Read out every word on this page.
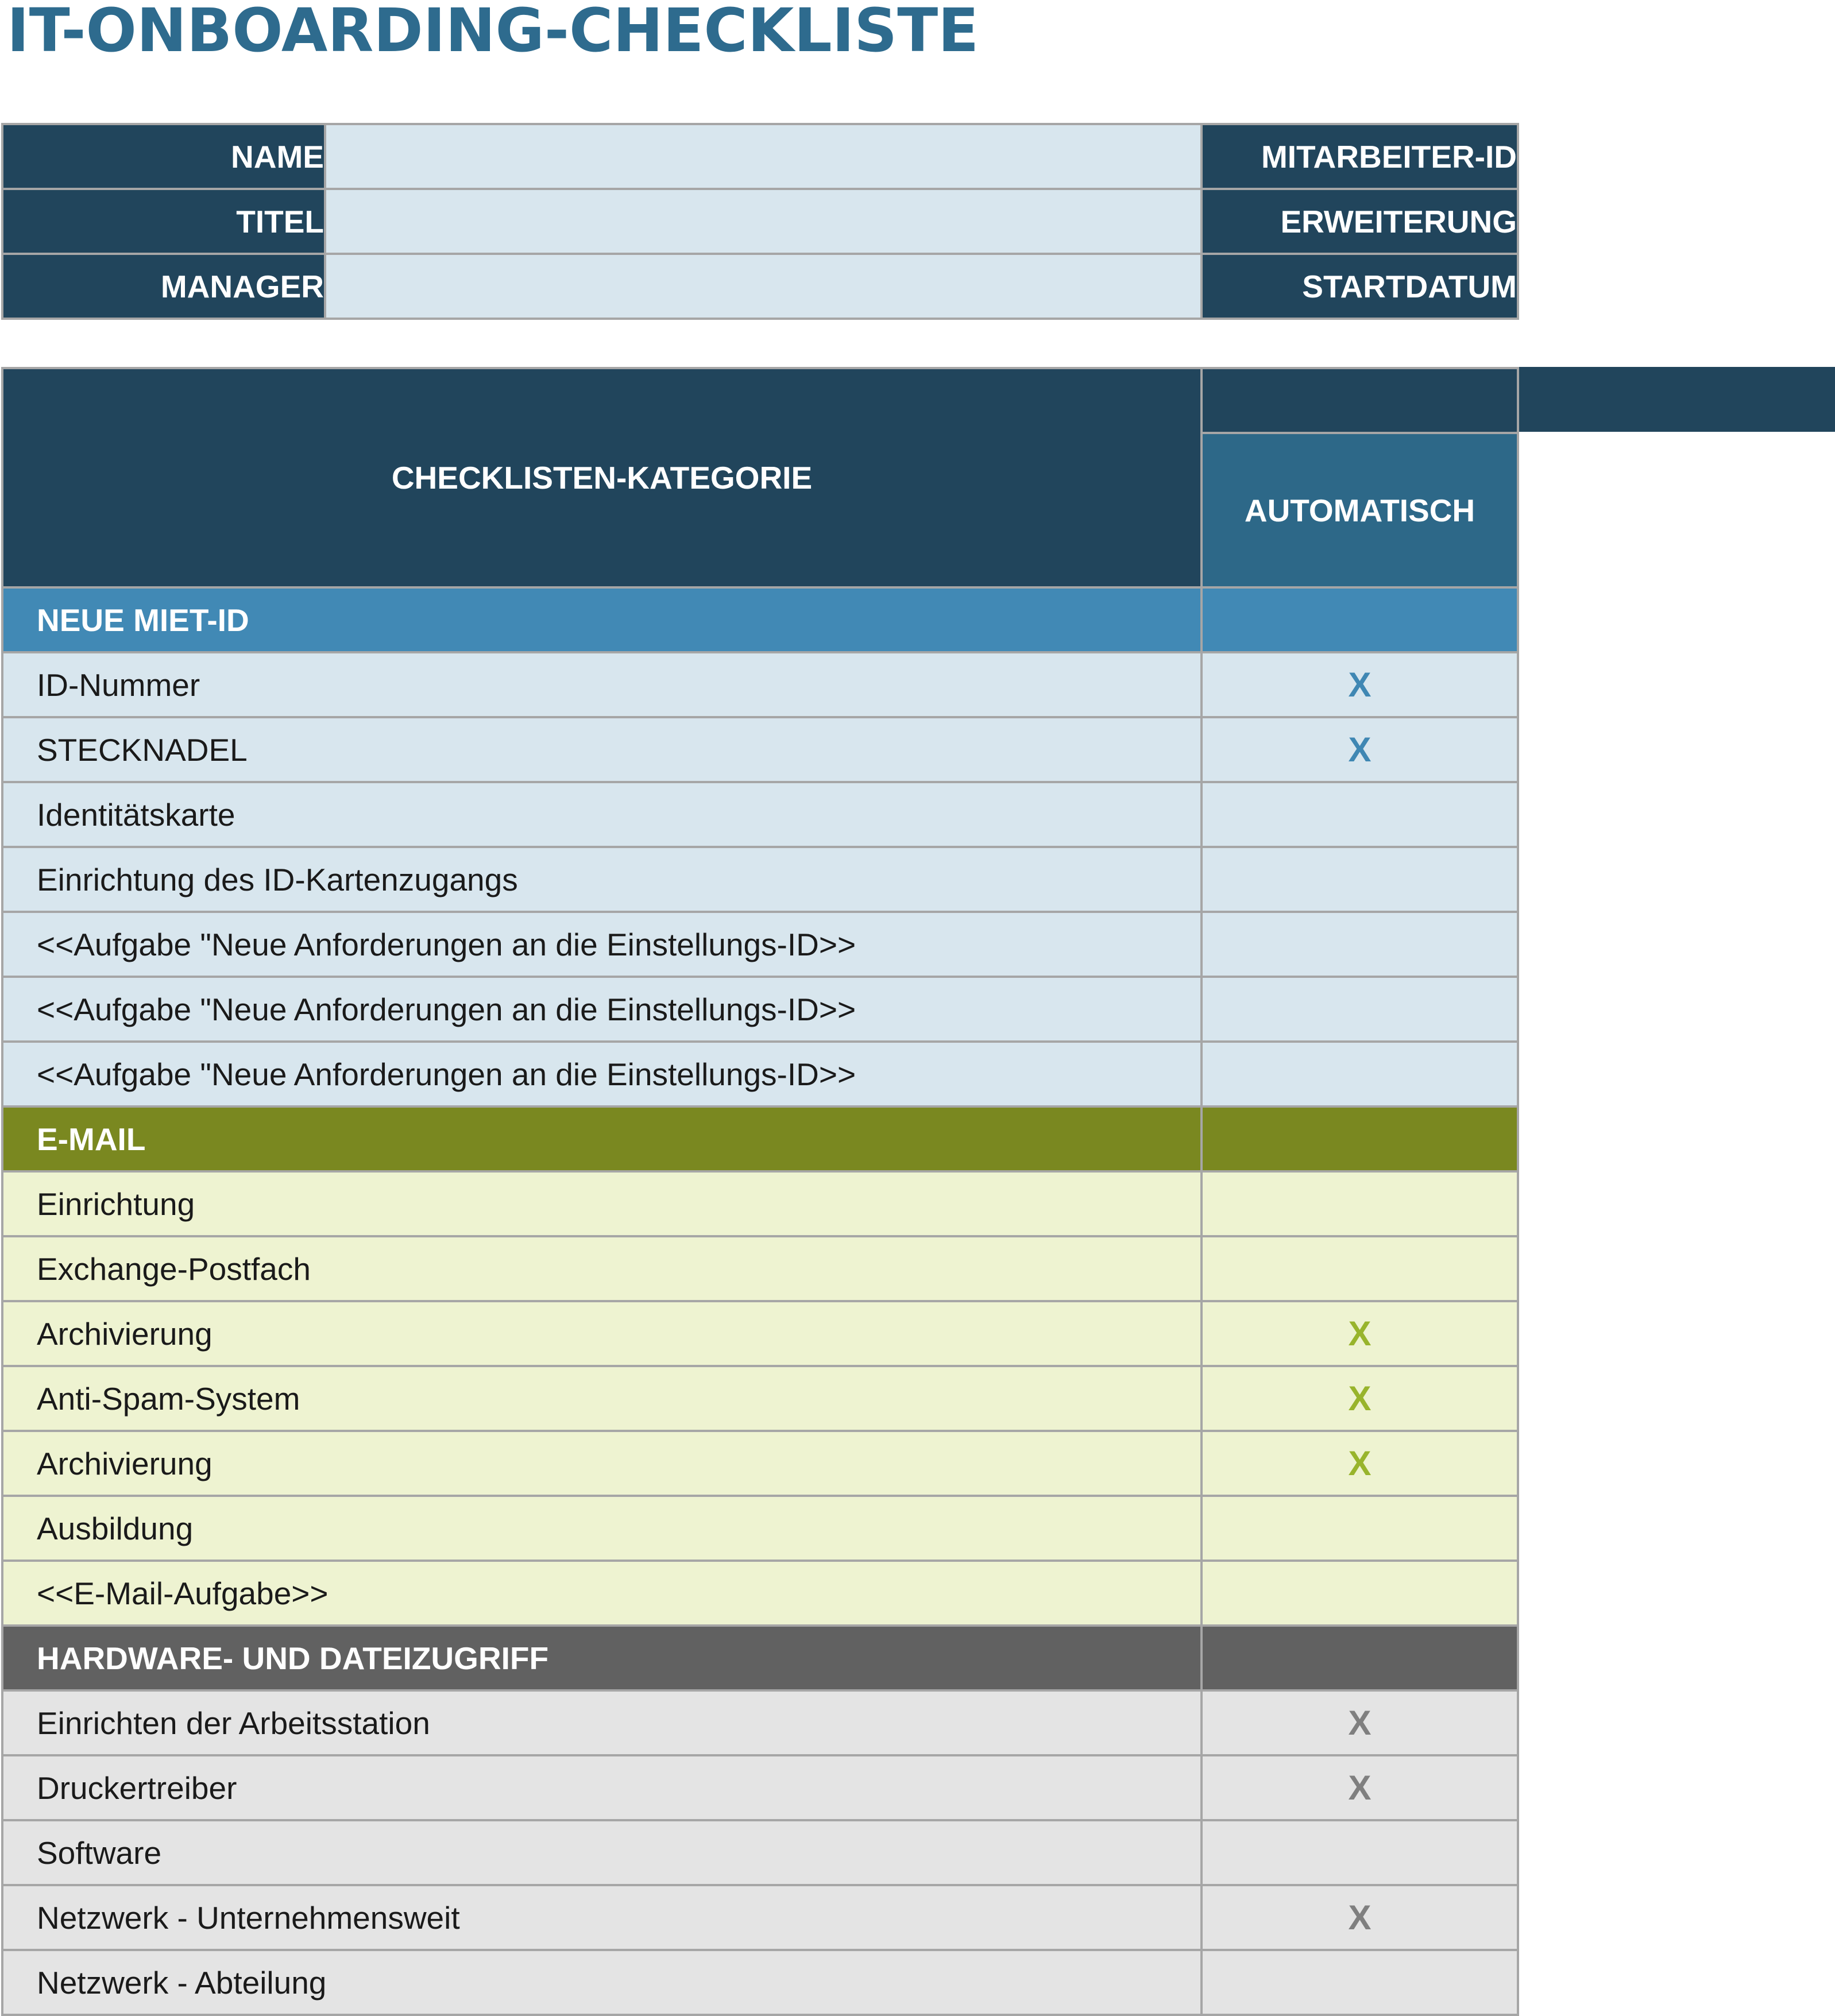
IT-ONBOARDING-CHECKLISTE
NAME	MITARBEITER-ID
TITEL	ERWEITERUNG
MANAGER	STARTDATUM
CHECKLISTEN-KATEGORIE
AUTOMATISCH
NEUE MIET-ID
ID-Nummer	X
STECKNADEL	X
Identitätskarte
Einrichtung des ID-Kartenzugangs
<<Aufgabe "Neue Anforderungen an die Einstellungs-ID>>
<<Aufgabe "Neue Anforderungen an die Einstellungs-ID>>
<<Aufgabe "Neue Anforderungen an die Einstellungs-ID>>
E-MAIL
Einrichtung
Exchange-Postfach
Archivierung	X
Anti-Spam-System	X
Archivierung	X
Ausbildung
<<E-Mail-Aufgabe>>
HARDWARE- UND DATEIZUGRIFF
Einrichten der Arbeitsstation	X
Druckertreiber	X
Software
Netzwerk - Unternehmensweit	X
Netzwerk - Abteilung
